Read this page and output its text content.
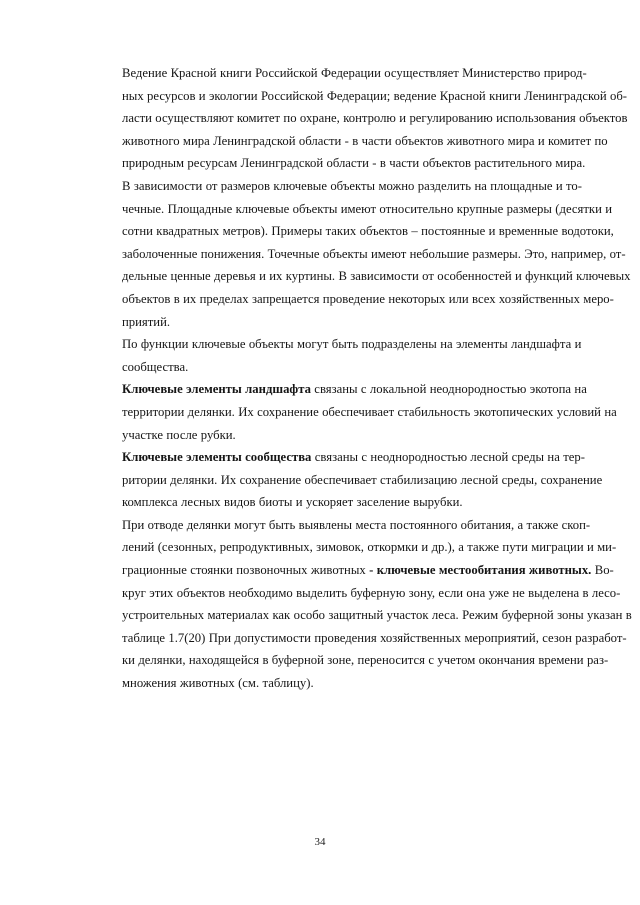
Ведение Красной книги Российской Федерации осуществляет Министерство природ-
ных ресурсов и экологии Российской Федерации; ведение Красной книги Ленинградской об-
ласти осуществляют комитет по охране, контролю и регулированию использования объектов
животного мира Ленинградской области - в части объектов животного мира и комитет по
природным ресурсам Ленинградской области - в части объектов растительного мира.
В зависимости от размеров ключевые объекты можно разделить на площадные и то-
чечные. Площадные ключевые объекты имеют относительно крупные размеры (десятки и
сотни квадратных метров). Примеры таких объектов – постоянные и временные водотоки,
заболоченные понижения. Точечные объекты имеют небольшие размеры. Это, например, от-
дельные ценные деревья и их куртины. В зависимости от особенностей и функций ключевых
объектов в их пределах запрещается проведение некоторых или всех хозяйственных меро-
приятий.
По функции ключевые объекты могут быть подразделены на элементы ландшафта и
сообщества.
Ключевые элементы ландшафта связаны с локальной неоднородностью экотопа на
территории делянки. Их сохранение обеспечивает стабильность экотопических условий на
участке после рубки.
Ключевые элементы сообщества связаны с неоднородностью лесной среды на тер-
ритории делянки. Их сохранение обеспечивает стабилизацию лесной среды, сохранение
комплекса лесных видов биоты и ускоряет заселение вырубки.
При отводе делянки могут быть выявлены места постоянного обитания, а также скоп-
лений (сезонных, репродуктивных, зимовок, откормки и др.), а также пути миграции и ми-
грационные стоянки позвоночных животных - ключевые местообитания животных. Во-
круг этих объектов необходимо выделить буферную зону, если она уже не выделена в лесо-
устроительных материалах как особо защитный участок леса. Режим буферной зоны указан в
таблице 1.7(20) При допустимости проведения хозяйственных мероприятий, сезон разработ-
ки делянки, находящейся в буферной зоне, переносится с учетом окончания времени раз-
множения животных (см. таблицу).
34
